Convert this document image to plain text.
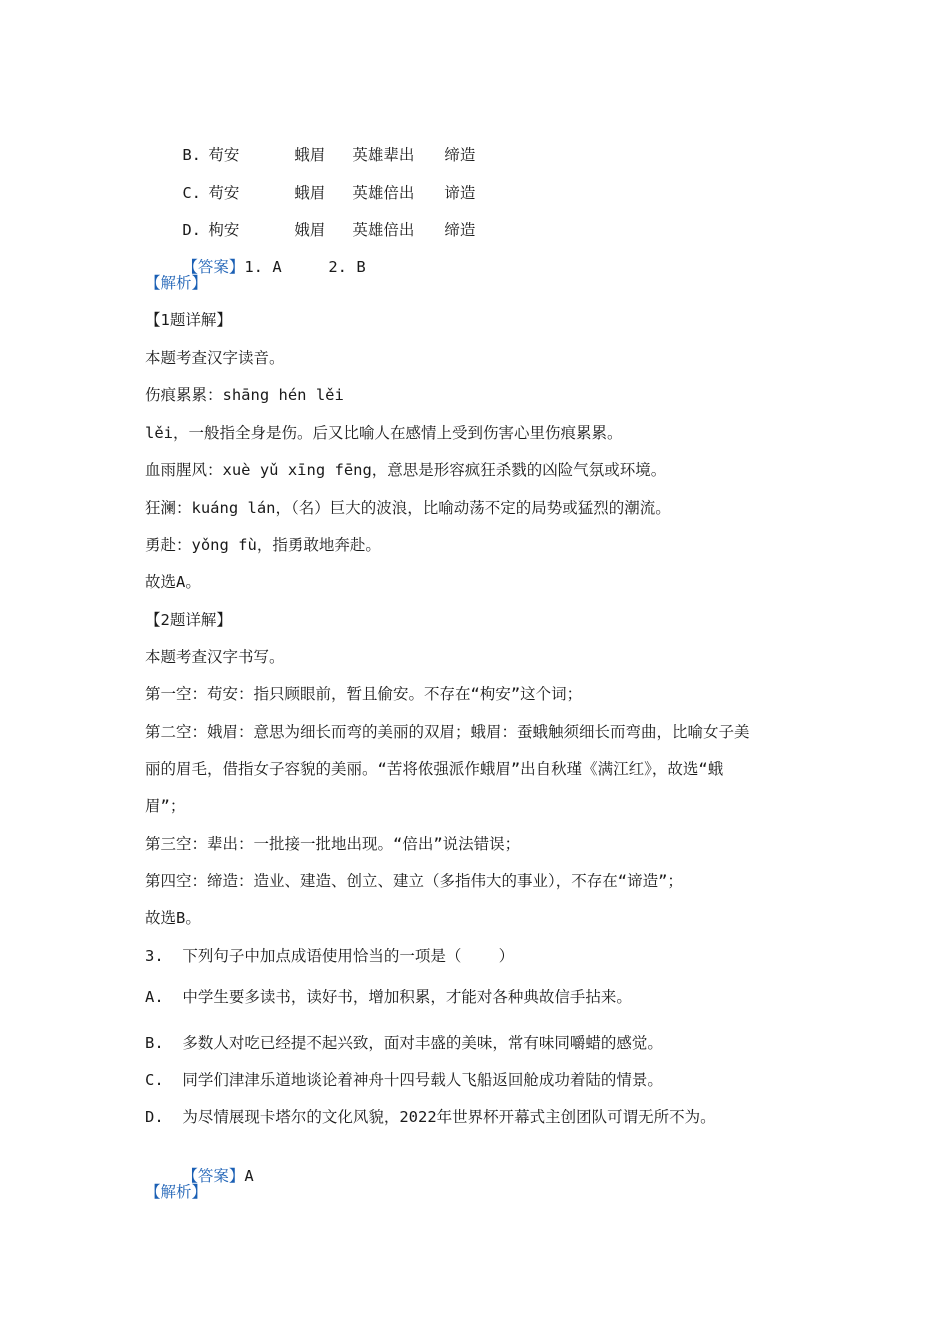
B. 苟安	蛾眉 英雄辈出 缔造

C. 苟安	蛾眉 英雄倍出 谛造

D. 枸安	娥眉 英雄倍出 缔造

【答案】1. A     2. B

【解析】
【1题详解】
本题考查汉字读音。
伤痕累累：shāng hén lěi
lěi，一般指全身是伤。后又比喻人在感情上受到伤害心里伤痕累累。
血雨腥风：xuè yǔ xīng fēng，意思是形容疯狂杀戮的凶险气氛或环境。
狂澜：kuáng lán，（名）巨大的波浪，比喻动荡不定的局势或猛烈的潮流。
勇赴：yǒng fù，指勇敢地奔赴。
故选A。
【2题详解】
本题考查汉字书写。
第一空：苟安：指只顾眼前，暂且偷安。不存在“枸安”这个词；
第二空：娥眉：意思为细长而弯的美丽的双眉；蛾眉：蚕蛾触须细长而弯曲，比喻女子美
丽的眉毛，借指女子容貌的美丽。“苦将侬强派作蛾眉”出自秋瑾《满江红》，故选“蛾
眉”；
第三空：辈出：一批接一批地出现。“倍出”说法错误；
第四空：缔造：造业、建造、创立、建立（多指伟大的事业），不存在“谛造”；
故选B。
3.  下列句子中加点成语使用恰当的一项是（    ）
A.  中学生要多读书，读好书，增加积累，才能对各种典故信手拈来。
B.  多数人对吃已经提不起兴致，面对丰盛的美味，常有味同嚼蜡的感觉。
C.  同学们津津乐道地谈论着神舟十四号载人飞船返回舱成功着陆的情景。
D.  为尽情展现卡塔尔的文化风貌，2022年世界杯开幕式主创团队可谓无所不为。

【答案】A

【解析】
